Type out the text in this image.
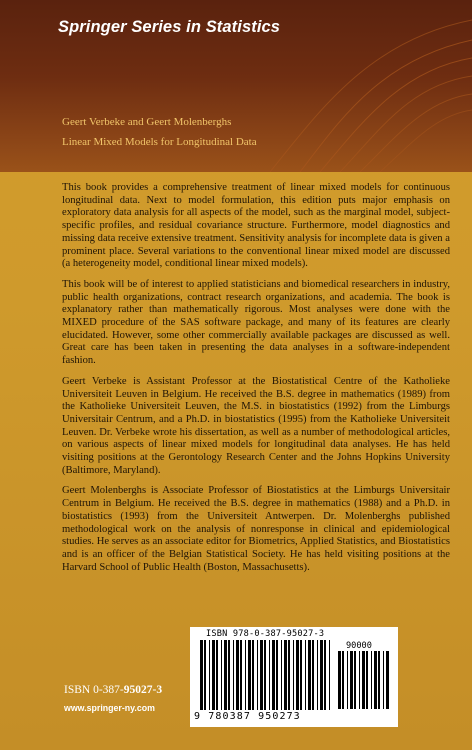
Springer Series in Statistics
Geert Verbeke and Geert Molenberghs
Linear Mixed Models for Longitudinal Data

This book provides a comprehensive treatment of linear mixed models for continuous longitudinal data. Next to model formulation, this edition puts major emphasis on exploratory data analysis for all aspects of the model, such as the marginal model, subject-specific profiles, and residual covariance structure. Furthermore, model diagnostics and missing data receive extensive treatment. Sensitivity analysis for incomplete data is given a prominent place. Several variations to the conventional linear mixed model are discussed (a heterogeneity model, conditional linear mixed models).

This book will be of interest to applied statisticians and biomedical researchers in industry, public health organizations, contract research organizations, and academia. The book is explanatory rather than mathematically rigorous. Most analyses were done with the MIXED procedure of the SAS software package, and many of its features are clearly elucidated. However, some other commercially available packages are discussed as well. Great care has been taken in presenting the data analyses in a software-independent fashion.

Geert Verbeke is Assistant Professor at the Biostatistical Centre of the Katholieke Universiteit Leuven in Belgium. He received the B.S. degree in mathematics (1989) from the Katholieke Universiteit Leuven, the M.S. in biostatistics (1992) from the Limburgs Universitair Centrum, and a Ph.D. in biostatistics (1995) from the Katholieke Universiteit Leuven. Dr. Verbeke wrote his dissertation, as well as a number of methodological articles, on various aspects of linear mixed models for longitudinal data analyses. He has held visiting positions at the Gerontology Research Center and the Johns Hopkins University (Baltimore, Maryland).

Geert Molenberghs is Associate Professor of Biostatistics at the Limburgs Universitair Centrum in Belgium. He received the B.S. degree in mathematics (1988) and a Ph.D. in biostatistics (1993) from the Universiteit Antwerpen. Dr. Molenberghs published methodological work on the analysis of nonresponse in clinical and epidemiological studies. He serves as an associate editor for Biometrics, Applied Statistics, and Biostatistics and is an officer of the Belgian Statistical Society. He has held visiting positions at the Harvard School of Public Health (Boston, Massachusetts).

ISBN 978-0-387-95027-3
90000
9 780387 950273
ISBN 0-387-95027-3
www.springer-ny.com
